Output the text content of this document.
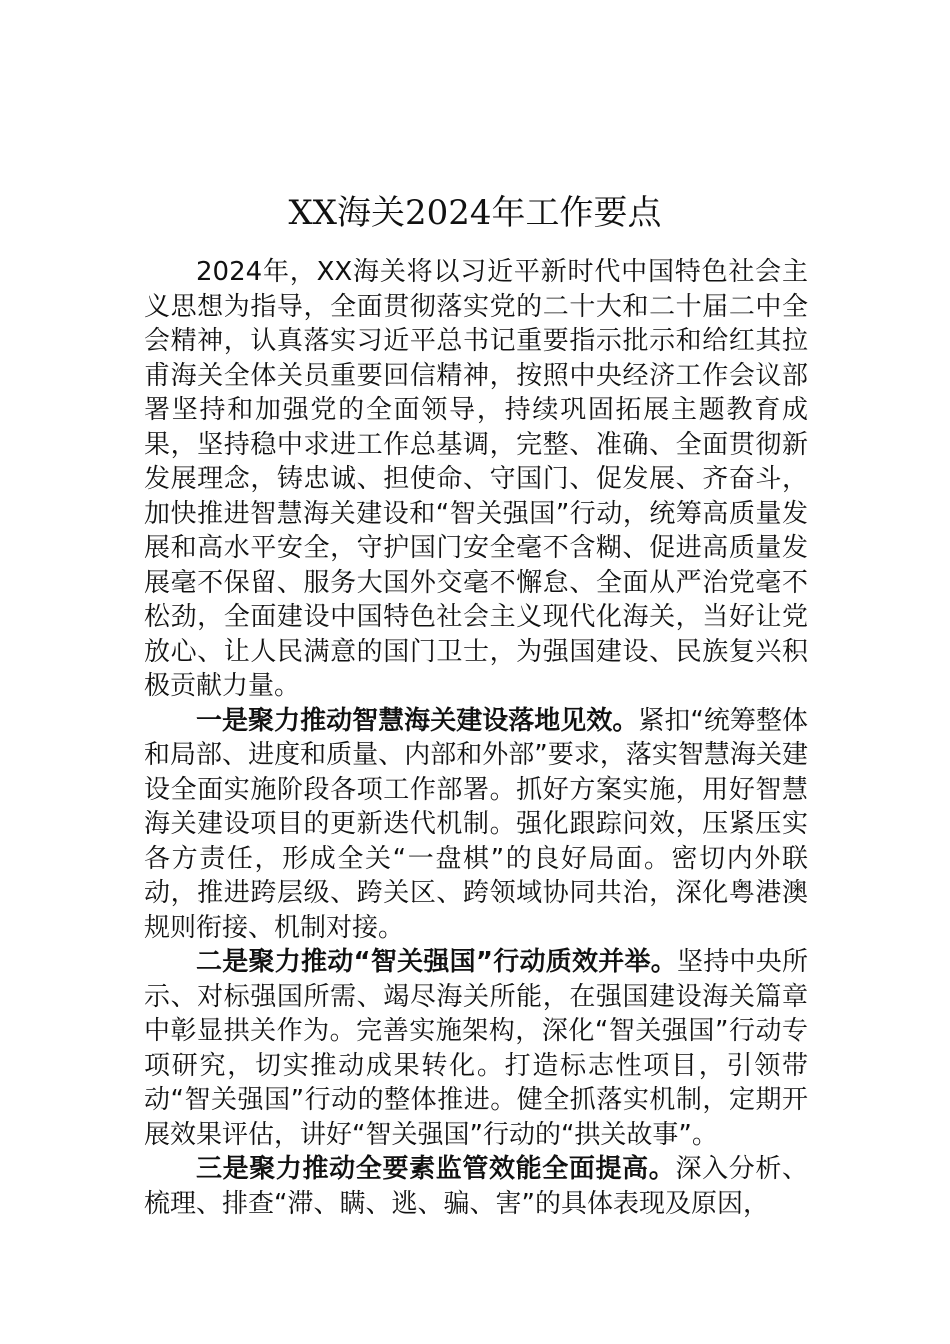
XX海关2024年工作要点

2024年，XX海关将以习近平新时代中国特色社会主义思想为指导，全面贯彻落实党的二十大和二十届二中全会精神，认真落实习近平总书记重要指示批示和给红其拉甫海关全体关员重要回信精神，按照中央经济工作会议部署坚持和加强党的全面领导，持续巩固拓展主题教育成果，坚持稳中求进工作总基调，完整、准确、全面贯彻新发展理念，铸忠诚、担使命、守国门、促发展、齐奋斗，加快推进智慧海关建设和“智关强国”行动，统筹高质量发展和高水平安全，守护国门安全毫不含糊、促进高质量发展毫不保留、服务大国外交毫不懈怠、全面从严治党毫不松劲，全面建设中国特色社会主义现代化海关，当好让党放心、让人民满意的国门卫士，为强国建设、民族复兴积极贡献力量。

一是聚力推动智慧海关建设落地见效。紧扣“统筹整体和局部、进度和质量、内部和外部”要求，落实智慧海关建设全面实施阶段各项工作部署。抓好方案实施，用好智慧海关建设项目的更新迭代机制。强化跟踪问效，压紧压实各方责任，形成全关“一盘棋”的良好局面。密切内外联动，推进跨层级、跨关区、跨领域协同共治，深化粤港澳规则衔接、机制对接。

二是聚力推动“智关强国”行动质效并举。坚持中央所示、对标强国所需、竭尽海关所能，在强国建设海关篇章中彰显拱关作为。完善实施架构，深化“智关强国”行动专项研究，切实推动成果转化。打造标志性项目，引领带动“智关强国”行动的整体推进。健全抓落实机制，定期开展效果评估，讲好“智关强国”行动的“拱关故事”。

三是聚力推动全要素监管效能全面提高。深入分析、梳理、排查“滞、瞒、逃、骗、害”的具体表现及原因，
